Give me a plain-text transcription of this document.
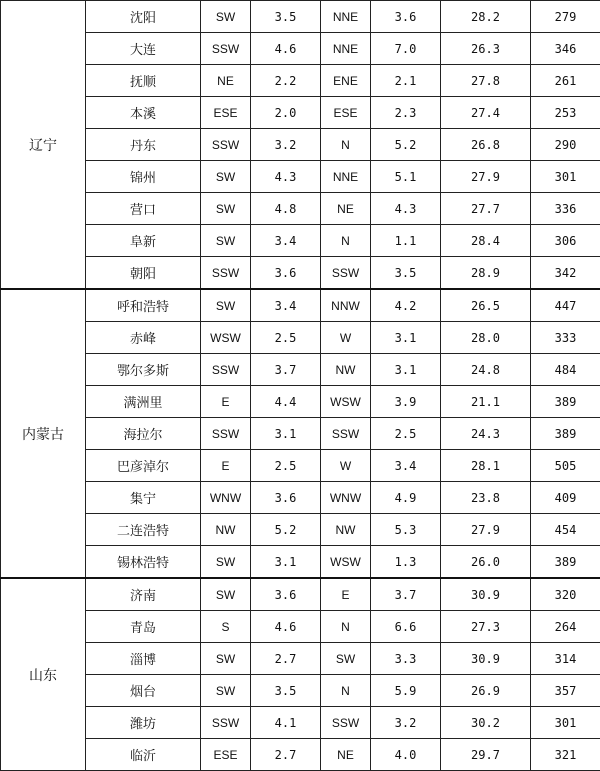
辽宁	沈阳	SW	3.5	NNE	3.6	28.2	279
	大连	SSW	4.6	NNE	7.0	26.3	346
	抚顺	NE	2.2	ENE	2.1	27.8	261
	本溪	ESE	2.0	ESE	2.3	27.4	253
	丹东	SSW	3.2	N	5.2	26.8	290
	锦州	SW	4.3	NNE	5.1	27.9	301
	营口	SW	4.8	NE	4.3	27.7	336
	阜新	SW	3.4	N	1.1	28.4	306
	朝阳	SSW	3.6	SSW	3.5	28.9	342
内蒙古	呼和浩特	SW	3.4	NNW	4.2	26.5	447
	赤峰	WSW	2.5	W	3.1	28.0	333
	鄂尔多斯	SSW	3.7	NW	3.1	24.8	484
	满洲里	E	4.4	WSW	3.9	21.1	389
	海拉尔	SSW	3.1	SSW	2.5	24.3	389
	巴彦淖尔	E	2.5	W	3.4	28.1	505
	集宁	WNW	3.6	WNW	4.9	23.8	409
	二连浩特	NW	5.2	NW	5.3	27.9	454
	锡林浩特	SW	3.1	WSW	1.3	26.0	389
山东	济南	SW	3.6	E	3.7	30.9	320
	青岛	S	4.6	N	6.6	27.3	264
	淄博	SW	2.7	SW	3.3	30.9	314
	烟台	SW	3.5	N	5.9	26.9	357
	潍坊	SSW	4.1	SSW	3.2	30.2	301
	临沂	ESE	2.7	NE	4.0	29.7	321
